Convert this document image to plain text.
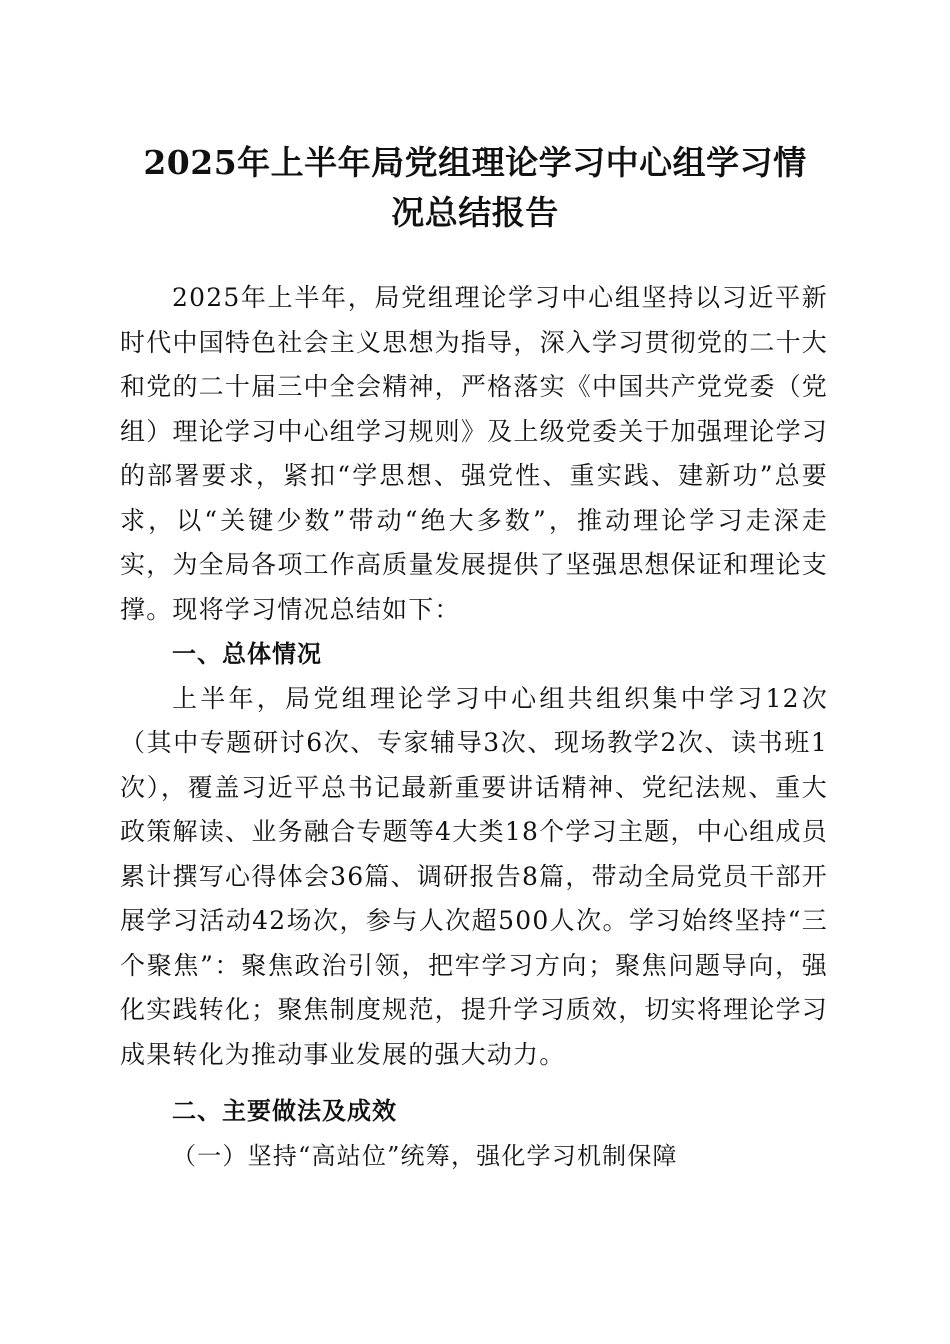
2025年上半年局党组理论学习中心组学习情
况总结报告

2025年上半年，局党组理论学习中心组坚持以习近平新时代中国特色社会主义思想为指导，深入学习贯彻党的二十大和党的二十届三中全会精神，严格落实《中国共产党党委（党组）理论学习中心组学习规则》及上级党委关于加强理论学习的部署要求，紧扣“学思想、强党性、重实践、建新功”总要求，以“关键少数”带动“绝大多数”，推动理论学习走深走实，为全局各项工作高质量发展提供了坚强思想保证和理论支撑。现将学习情况总结如下：

一、总体情况

上半年，局党组理论学习中心组共组织集中学习12次（其中专题研讨6次、专家辅导3次、现场教学2次、读书班1次），覆盖习近平总书记最新重要讲话精神、党纪法规、重大政策解读、业务融合专题等4大类18个学习主题，中心组成员累计撰写心得体会36篇、调研报告8篇，带动全局党员干部开展学习活动42场次，参与人次超500人次。学习始终坚持“三个聚焦”：聚焦政治引领，把牢学习方向；聚焦问题导向，强化实践转化；聚焦制度规范，提升学习质效，切实将理论学习成果转化为推动事业发展的强大动力。

二、主要做法及成效

（一）坚持“高站位”统筹，强化学习机制保障
